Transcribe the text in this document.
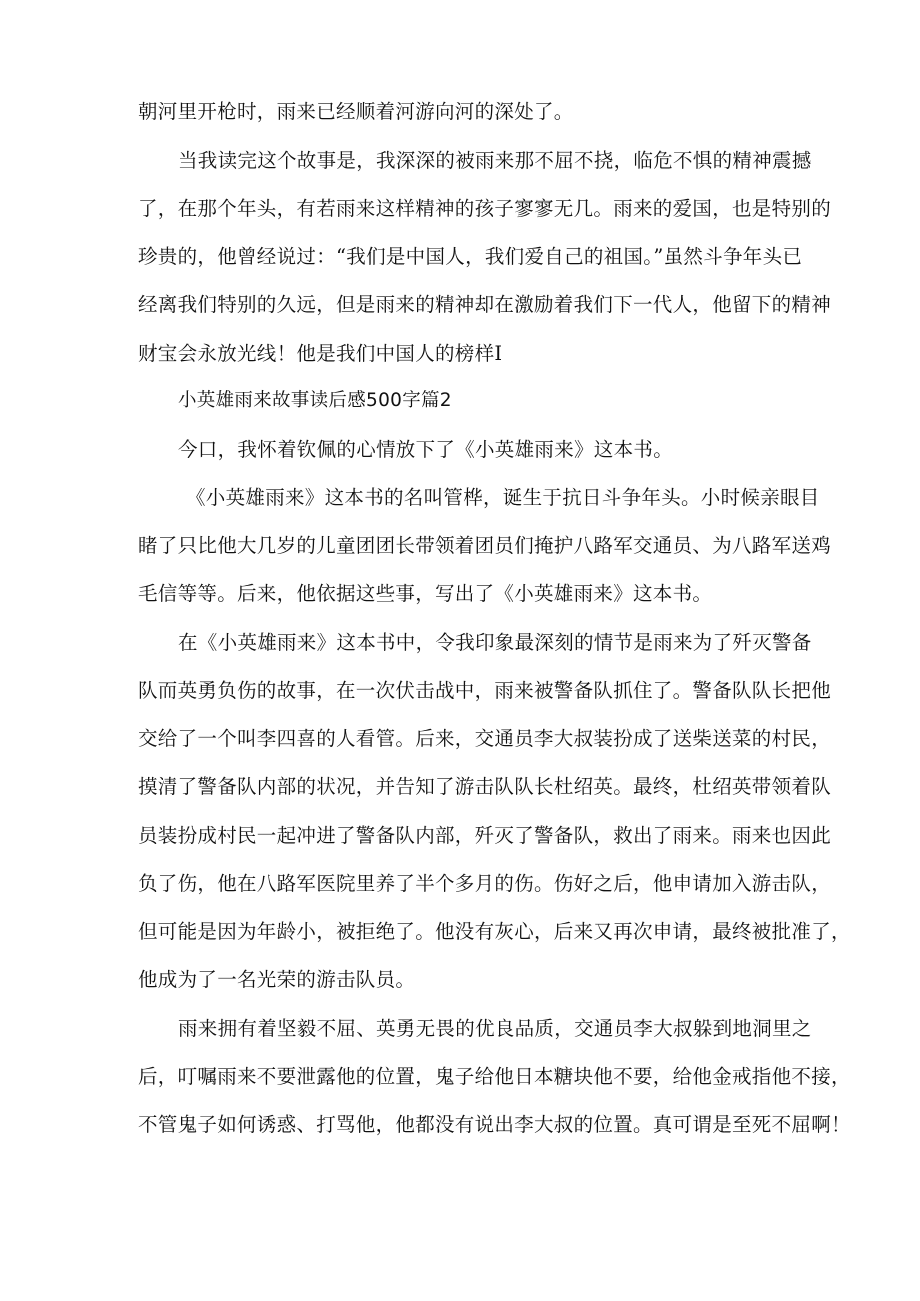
朝河里开枪时，雨来已经顺着河游向河的深处了。
当我读完这个故事是，我深深的被雨来那不屈不挠，临危不惧的精神震撼
了，在那个年头，有若雨来这样精神的孩子寥寥无几。雨来的爱国，也是特别的
珍贵的，他曾经说过：“我们是中国人，我们爱自己的祖国。”虽然斗争年头已
经离我们特别的久远，但是雨来的精神却在激励着我们下一代人，他留下的精神
财宝会永放光线！他是我们中国人的榜样I
小英雄雨来故事读后感500字篇2
今口，我怀着钦佩的心情放下了《小英雄雨来》这本书。
《小英雄雨来》这本书的名叫管桦，诞生于抗日斗争年头。小时候亲眼目
睹了只比他大几岁的儿童团团长带领着团员们掩护八路军交通员、为八路军送鸡
毛信等等。后来，他依据这些事，写出了《小英雄雨来》这本书。
在《小英雄雨来》这本书中，令我印象最深刻的情节是雨来为了歼灭警备
队而英勇负伤的故事，在一次伏击战中，雨来被警备队抓住了。警备队队长把他
交给了一个叫李四喜的人看管。后来，交通员李大叔装扮成了送柴送菜的村民，
摸清了警备队内部的状况，并告知了游击队队长杜绍英。最终，杜绍英带领着队
员装扮成村民一起冲进了警备队内部，歼灭了警备队，救出了雨来。雨来也因此
负了伤，他在八路军医院里养了半个多月的伤。伤好之后，他申请加入游击队，
但可能是因为年龄小，被拒绝了。他没有灰心，后来又再次申请，最终被批准了，
他成为了一名光荣的游击队员。
雨来拥有着坚毅不屈、英勇无畏的优良品质，交通员李大叔躲到地洞里之
后，叮嘱雨来不要泄露他的位置，鬼子给他日本糖块他不要，给他金戒指他不接，
不管鬼子如何诱惑、打骂他，他都没有说出李大叔的位置。真可谓是至死不屈啊！
